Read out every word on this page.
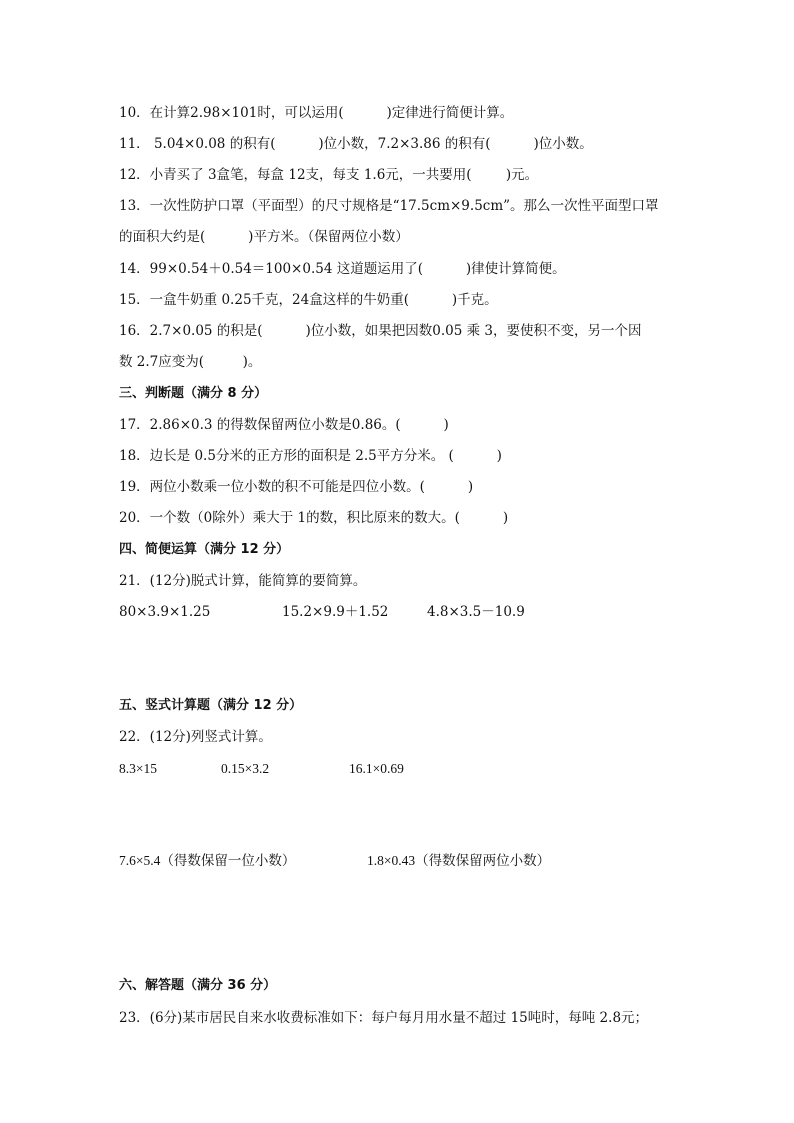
10．在计算2.98×101时，可以运用(          )定律进行简便计算。
11． 5.04×0.08 的积有(          )位小数，7.2×3.86 的积有(          )位小数。
12．小青买了 3盒笔，每盒 12支，每支 1.6元，一共要用(        )元。
13．一次性防护口罩（平面型）的尺寸规格是“17.5cm×9.5cm”。那么一次性平面型口罩
的面积大约是(          )平方米。（保留两位小数）
14．99×0.54＋0.54＝100×0.54 这道题运用了(          )律使计算简便。
15．一盒牛奶重 0.25千克，24盒这样的牛奶重(          )千克。
16．2.7×0.05 的积是(          )位小数，如果把因数0.05 乘 3，要使积不变，另一个因
数 2.7应变为(         )。
三、判断题（满分 8 分）
17．2.86×0.3 的得数保留两位小数是0.86。(          )
18．边长是 0.5分米的正方形的面积是 2.5平方分米。 (          )
19．两位小数乘一位小数的积不可能是四位小数。(          )
20．一个数（0除外）乘大于 1的数，积比原来的数大。(          )
四、简便运算（满分 12 分）
21．(12分)脱式计算，能简算的要简算。
80×3.9×1.25	15.2×9.9＋1.52	4.8×3.5－10.9
五、竖式计算题（满分 12 分）
22．(12分)列竖式计算。
8.3×15	0.15×3.2	16.1×0.69
7.6×5.4（得数保留一位小数）	1.8×0.43（得数保留两位小数）
六、解答题（满分 36 分）
23．(6分)某市居民自来水收费标准如下：每户每月用水量不超过 15吨时，每吨 2.8元；
